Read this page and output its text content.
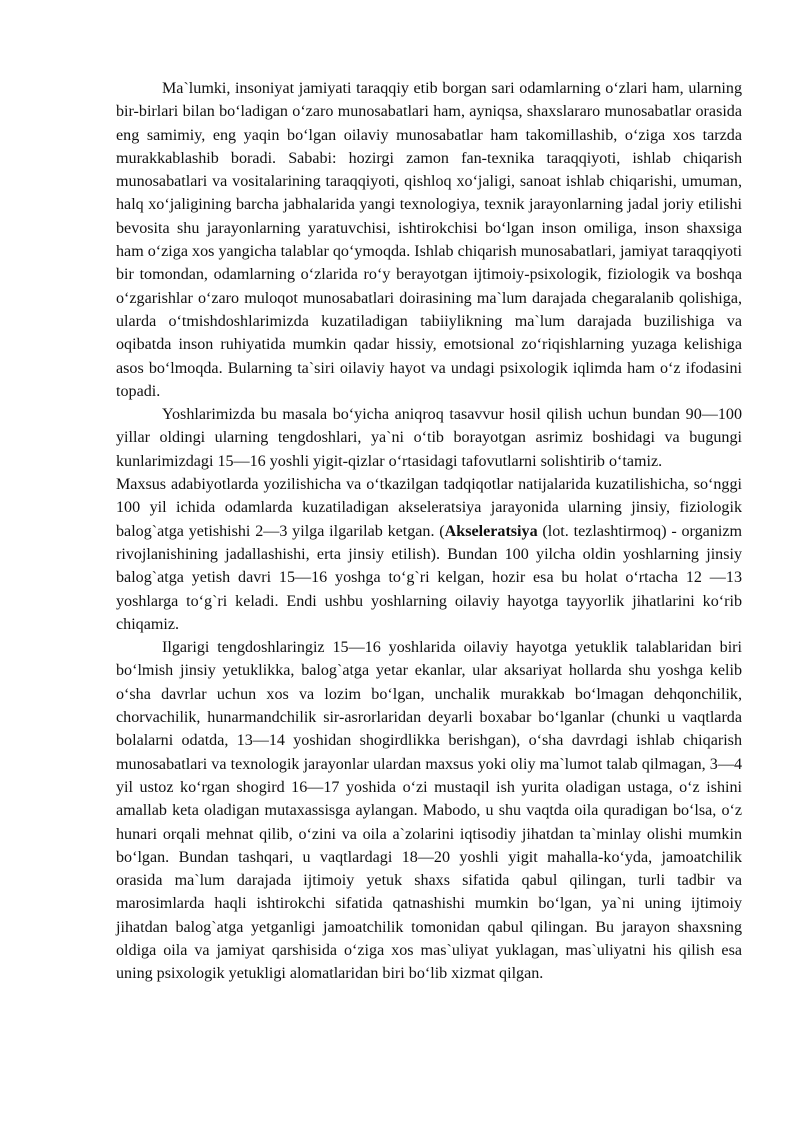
Ma`lumki, insoniyat jamiyati taraqqiy etib borgan sari odamlarning o‘zlari ham, ularning bir-birlari bilan bo‘ladigan o‘zaro munosabatlari ham, ayniqsa, shaxslararo munosabatlar orasida eng samimiy, eng yaqin bo‘lgan oilaviy munosabatlar ham takomillashib, o‘ziga xos tarzda murakkablashib boradi. Sababi: hozirgi zamon fan-texnika taraqqiyoti, ishlab chiqarish munosabatlari va vositalarining taraqqiyoti, qishloq xo‘jaligi, sanoat ishlab chiqarishi, umuman, halq xo‘jaligining barcha jabhalarida yangi texnologiya, texnik jarayonlarning jadal joriy etilishi bevosita shu jarayonlarning yaratuvchisi, ishtirokchisi bo‘lgan inson omiliga, inson shaxsiga ham o‘ziga xos yangicha talablar qo‘ymoqda. Ishlab chiqarish munosabatlari, jamiyat taraqqiyoti bir tomondan, odamlarning o‘zlarida ro‘y berayotgan ijtimoiy-psixologik, fiziologik va boshqa o‘zgarishlar o‘zaro muloqot munosabatlari doirasining ma`lum darajada chegaralanib qolishiga, ularda o‘tmishdoshlarimizda kuzatiladigan tabiiylikning ma`lum darajada buzilishiga va oqibatda inson ruhiyatida mumkin qadar hissiy, emotsional zo‘riqishlarning yuzaga kelishiga asos bo‘lmoqda. Bularning ta`siri oilaviy hayot va undagi psixologik iqlimda ham o‘z ifodasini topadi.

Yoshlarimizda bu masala bo‘yicha aniqroq tasavvur hosil qilish uchun bundan 90—100 yillar oldingi ularning tengdoshlari, ya`ni o‘tib borayotgan asrimiz boshidagi va bugungi kunlarimizdagi 15—16 yoshli yigit-qizlar o‘rtasidagi tafovutlarni solishtirib o‘tamiz.

Maxsus adabiyotlarda yozilishicha va o‘tkazilgan tadqiqotlar natijalarida kuzatilishicha, so‘nggi 100 yil ichida odamlarda kuzatiladigan akseleratsiya jarayonida ularning jinsiy, fiziologik balog`atga yetishishi 2—3 yilga ilgarilab ketgan. (Akseleratsiya (lot. tezlashtirmoq) - organizm rivojlanishining jadallashishi, erta jinsiy etilish). Bundan 100 yilcha oldin yoshlarning jinsiy balog`atga yetish davri 15—16 yoshga to‘g`ri kelgan, hozir esa bu holat o‘rtacha 12 —13 yoshlarga to‘g`ri keladi. Endi ushbu yoshlarning oilaviy hayotga tayyorlik jihatlarini ko‘rib chiqamiz.

Ilgarigi tengdoshlaringiz 15—16 yoshlarida oilaviy hayotga yetuklik talablaridan biri bo‘lmish jinsiy yetuklikka, balog`atga yetar ekanlar, ular aksariyat hollarda shu yoshga kelib o‘sha davrlar uchun xos va lozim bo‘lgan, unchalik murakkab bo‘lmagan dehqonchilik, chorvachilik, hunarmandchilik sir-asrorlaridan deyarli boxabar bo‘lganlar (chunki u vaqtlarda bolalarni odatda, 13—14 yoshidan shogirdlikka berishgan), o‘sha davrdagi ishlab chiqarish munosabatlari va texnologik jarayonlar ulardan maxsus yoki oliy ma`lumot talab qilmagan, 3—4 yil ustoz ko‘rgan shogird 16—17 yoshida o‘zi mustaqil ish yurita oladigan ustaga, o‘z ishini amallab keta oladigan mutaxassisga aylangan. Mabodo, u shu vaqtda oila quradigan bo‘lsa, o‘z hunari orqali mehnat qilib, o‘zini va oila a`zolarini iqtisodiy jihatdan ta`minlay olishi mumkin bo‘lgan. Bundan tashqari, u vaqtlardagi 18—20 yoshli yigit mahalla-ko‘yda, jamoatchilik orasida ma`lum darajada ijtimoiy yetuk shaxs sifatida qabul qilingan, turli tadbir va marosimlarda haqli ishtirokchi sifatida qatnashishi mumkin bo‘lgan, ya`ni uning ijtimoiy jihatdan balog`atga yetganligi jamoatchilik tomonidan qabul qilingan. Bu jarayon shaxsning oldiga oila va jamiyat qarshisida o‘ziga xos mas`uliyat yuklagan, mas`uliyatni his qilish esa uning psixologik yetukligi alomatlaridan biri bo‘lib xizmat qilgan.
